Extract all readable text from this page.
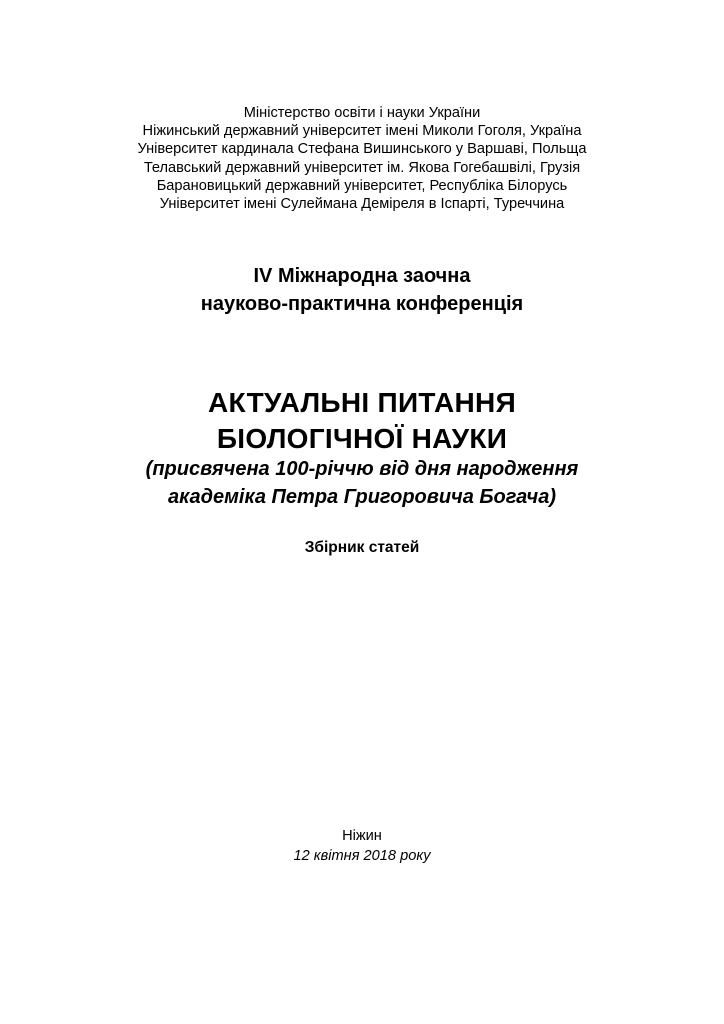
Міністерство освіти і науки України
Ніжинський державний університет імені Миколи Гоголя, Україна
Університет кардинала Стефана Вишинського у Варшаві, Польща
Телавський державний університет ім. Якова Гогебашвілі, Грузія
Барановицький державний університет, Республіка Білорусь
Університет імені Сулеймана Деміреля в Іспарті, Туреччина
IV Міжнародна заочна
науково-практична конференція
АКТУАЛЬНІ ПИТАННЯ
БІОЛОГІЧНОЇ НАУКИ
(присвячена 100-річчю від дня народження
академіка Петра Григоровича Богача)
Збірник статей
Ніжин
12 квітня 2018 року
